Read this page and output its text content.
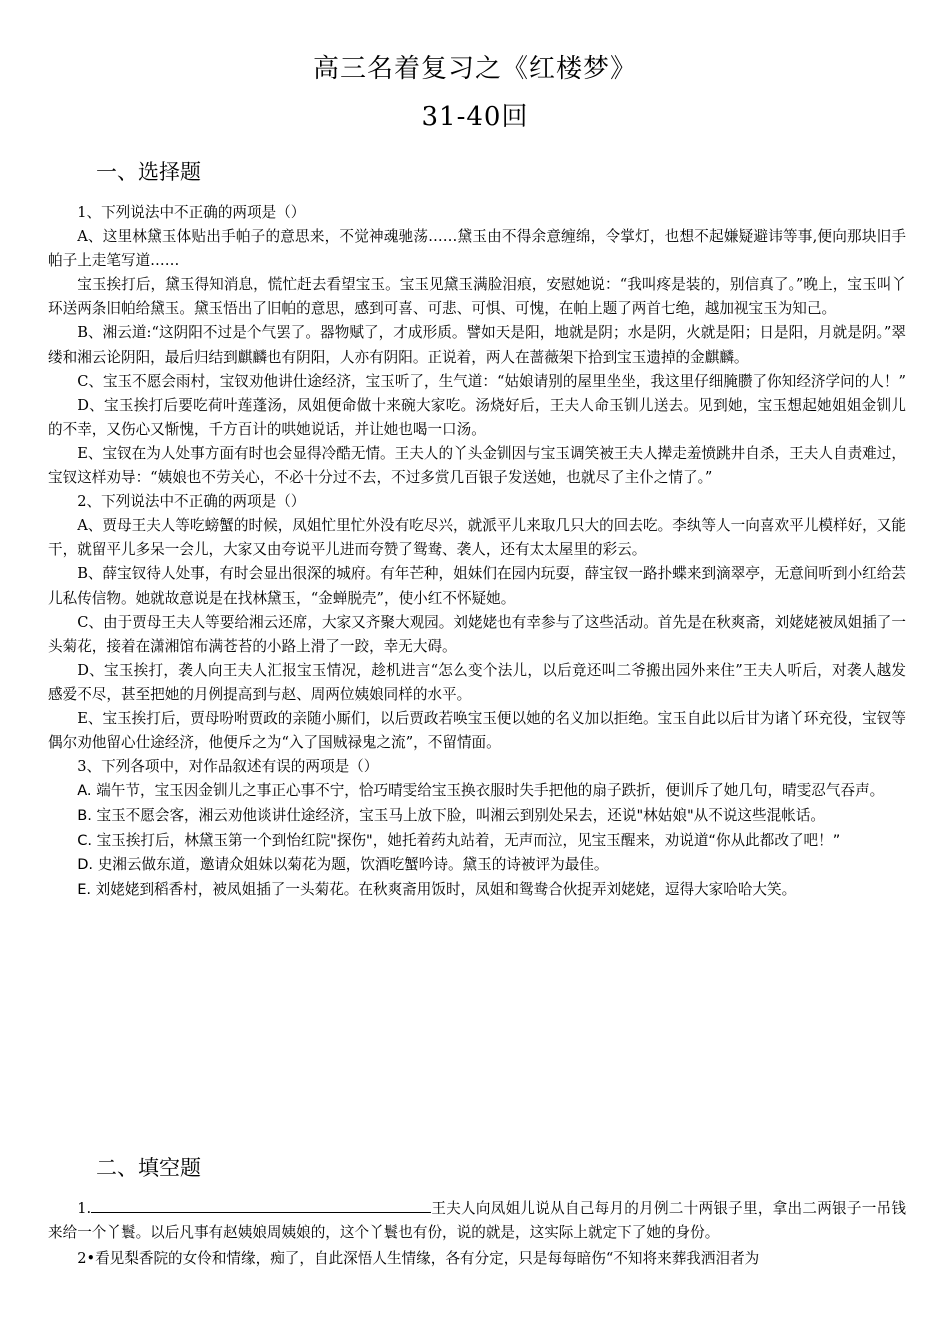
高三名着复习之《红楼梦》
31-40回
一、选择题

1、下列说法中不正确的两项是（）

A、这里林黛玉体贴出手帕子的意思来，不觉神魂驰荡……黛玉由不得余意缠绵，令掌灯，也想不起嫌疑避讳等事,便向那块旧手帕子上走笔写道……

宝玉挨打后，黛玉得知消息，慌忙赶去看望宝玉。宝玉见黛玉满脸泪痕，安慰她说：“我叫疼是装的，别信真了。”晚上，宝玉叫丫环送两条旧帕给黛玉。黛玉悟出了旧帕的意思，感到可喜、可悲、可惧、可愧，在帕上题了两首七绝，越加视宝玉为知己。

B、湘云道:“这阴阳不过是个气罢了。器物赋了，才成形质。譬如天是阳，地就是阴；水是阴，火就是阳；日是阳，月就是阴。”翠缕和湘云论阴阳，最后归结到麒麟也有阴阳，人亦有阴阳。正说着，两人在蔷薇架下拾到宝玉遗掉的金麒麟。

C、宝玉不愿会雨村，宝钗劝他讲仕途经济，宝玉听了，生气道：“姑娘请别的屋里坐坐，我这里仔细腌臜了你知经济学问的人！”

D、宝玉挨打后要吃荷叶莲蓬汤，凤姐便命做十来碗大家吃。汤烧好后，王夫人命玉钏儿送去。见到她，宝玉想起她姐姐金钏儿的不幸，又伤心又惭愧，千方百计的哄她说话，并让她也喝一口汤。

E、宝钗在为人处事方面有时也会显得冷酷无情。王夫人的丫头金钏因与宝玉调笑被王夫人撵走羞愤跳井自杀，王夫人自责难过，宝钗这样劝导：“姨娘也不劳关心，不必十分过不去，不过多赏几百银子发送她，也就尽了主仆之情了。”

2、下列说法中不正确的两项是（）

A、贾母王夫人等吃螃蟹的时候，凤姐忙里忙外没有吃尽兴，就派平儿来取几只大的回去吃。李纨等人一向喜欢平儿模样好，又能干，就留平儿多呆一会儿，大家又由夸说平儿进而夸赞了鸳鸯、袭人，还有太太屋里的彩云。

B、薛宝钗待人处事，有时会显出很深的城府。有年芒种，姐妹们在园内玩耍，薛宝钗一路扑蝶来到滴翠亭，无意间听到小红给芸儿私传信物。她就故意说是在找林黛玉，“金蝉脱壳”，使小红不怀疑她。

C、由于贾母王夫人等要给湘云还席，大家又齐聚大观园。刘姥姥也有幸参与了这些活动。首先是在秋爽斋，刘姥姥被凤姐插了一头菊花，接着在潇湘馆布满苍苔的小路上滑了一跤，幸无大碍。

D、宝玉挨打，袭人向王夫人汇报宝玉情况，趁机进言“怎么变个法儿，以后竟还叫二爷搬出园外来住”王夫人听后，对袭人越发感爱不尽，甚至把她的月例提高到与赵、周两位姨娘同样的水平。

E、宝玉挨打后，贾母吩咐贾政的亲随小厮们，以后贾政若唤宝玉便以她的名义加以拒绝。宝玉自此以后甘为诸丫环充役，宝钗等偶尔劝他留心仕途经济，他便斥之为“入了国贼禄鬼之流”，不留情面。

3、下列各项中，对作品叙述有误的两项是（）

A. 端午节，宝玉因金钏儿之事正心事不宁，恰巧晴雯给宝玉换衣服时失手把他的扇子跌折，便训斥了她几句，晴雯忍气吞声。

B. 宝玉不愿会客，湘云劝他谈讲仕途经济，宝玉马上放下脸，叫湘云到别处呆去，还说"林姑娘"从不说这些混帐话。

C. 宝玉挨打后，林黛玉第一个到怡红院"探伤"，她托着药丸站着，无声而泣，见宝玉醒来，劝说道“你从此都改了吧！”

D. 史湘云做东道，邀请众姐妹以菊花为题，饮酒吃蟹吟诗。黛玉的诗被评为最佳。

E. 刘姥姥到稻香村，被凤姐插了一头菊花。在秋爽斋用饭时，凤姐和鸳鸯合伙捉弄刘姥姥，逗得大家哈哈大笑。

二、填空题

1.	王夫人向凤姐儿说从自己每月的月例二十两银子里，拿出二两银子一吊钱来给一个丫鬟。以后凡事有赵姨娘周姨娘的，这个丫鬟也有份，说的就是，这实际上就定下了她的身份。

2•看见梨香院的女伶和情缘，痴了，自此深悟人生情缘，各有分定，只是每每暗伤“不知将来葬我洒泪者为
